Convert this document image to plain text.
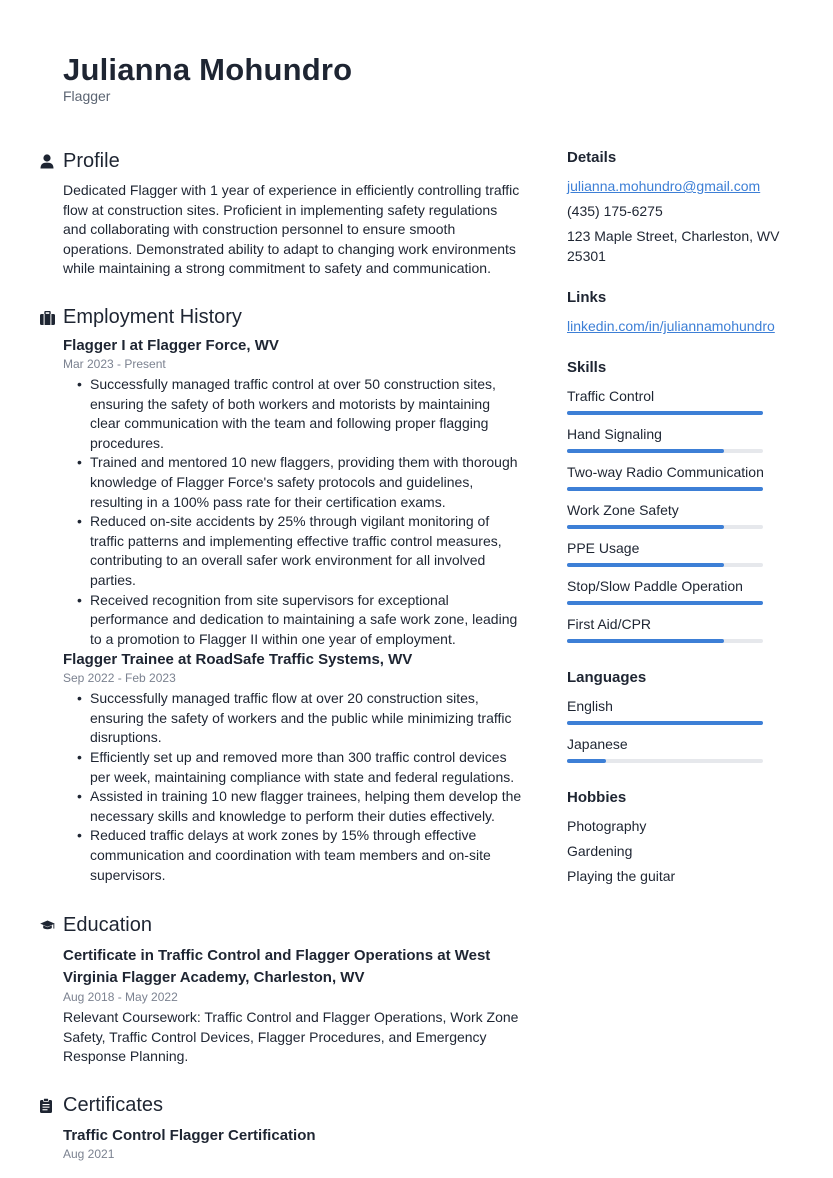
Julianna Mohundro
Flagger
Profile

Dedicated Flagger with 1 year of experience in efficiently controlling traffic flow at construction sites. Proficient in implementing safety regulations and collaborating with construction personnel to ensure smooth operations. Demonstrated ability to adapt to changing work environments while maintaining a strong commitment to safety and communication.

Employment History
Flagger I at Flagger Force, WV
Mar 2023 - Present
• Successfully managed traffic control at over 50 construction sites, ensuring the safety of both workers and motorists by maintaining clear communication with the team and following proper flagging procedures.
• Trained and mentored 10 new flaggers, providing them with thorough knowledge of Flagger Force's safety protocols and guidelines, resulting in a 100% pass rate for their certification exams.
• Reduced on-site accidents by 25% through vigilant monitoring of traffic patterns and implementing effective traffic control measures, contributing to an overall safer work environment for all involved parties.
• Received recognition from site supervisors for exceptional performance and dedication to maintaining a safe work zone, leading to a promotion to Flagger II within one year of employment.
Flagger Trainee at RoadSafe Traffic Systems, WV
Sep 2022 - Feb 2023
• Successfully managed traffic flow at over 20 construction sites, ensuring the safety of workers and the public while minimizing traffic disruptions.
• Efficiently set up and removed more than 300 traffic control devices per week, maintaining compliance with state and federal regulations.
• Assisted in training 10 new flagger trainees, helping them develop the necessary skills and knowledge to perform their duties effectively.
• Reduced traffic delays at work zones by 15% through effective communication and coordination with team members and on-site supervisors.
Education
Certificate in Traffic Control and Flagger Operations at West Virginia Flagger Academy, Charleston, WV
Aug 2018 - May 2022

Relevant Coursework: Traffic Control and Flagger Operations, Work Zone Safety, Traffic Control Devices, Flagger Procedures, and Emergency Response Planning.

Certificates
Traffic Control Flagger Certification
Aug 2021
Details
julianna.mohundro@gmail.com
(435) 175-6275
123 Maple Street, Charleston, WV 25301
Links
linkedin.com/in/juliannamohundro
Skills
Traffic Control
Hand Signaling
Two-way Radio Communication
Work Zone Safety
PPE Usage
Stop/Slow Paddle Operation
First Aid/CPR
Languages
English
Japanese
Hobbies
Photography
Gardening
Playing the guitar
